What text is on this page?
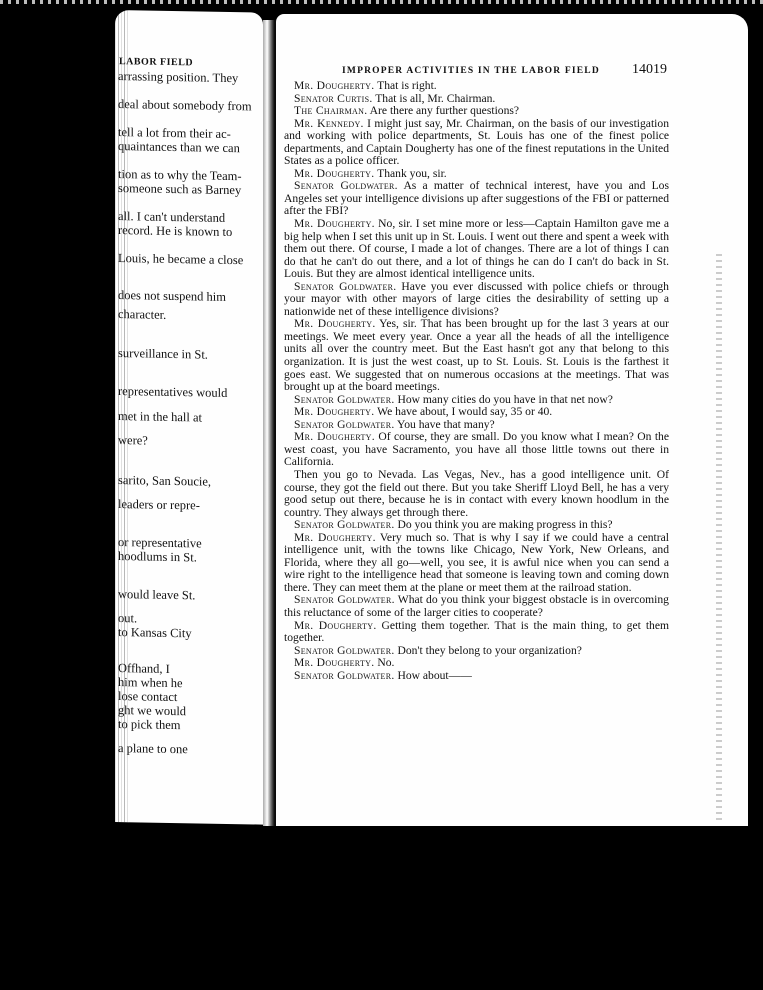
LABOR FIELD
arrassing position. They
deal about somebody from
tell a lot from their ac-
quaintances than we can
tion as to why the Team-
someone such as Barney
all. I can't understand
record. He is known to
Louis, he became a close
does not suspend him
character.
surveillance in St.
representatives would
met in the hall at
were?
sarito, San Soucie,
leaders or repre-
or representative
hoodlums in St.
would leave St.
out.
to Kansas City
Offhand, I
him when he
lose contact
ght we would
to pick them
a plane to one
IMPROPER ACTIVITIES IN THE LABOR FIELD 14019

Mr. Dougherty. That is right.

Senator Curtis. That is all, Mr. Chairman.

The Chairman. Are there any further questions?

Mr. Kennedy. I might just say, Mr. Chairman, on the basis of our investigation and working with police departments, St. Louis has one of the finest police departments, and Captain Dougherty has one of the finest reputations in the United States as a police officer.

Mr. Dougherty. Thank you, sir.

Senator Goldwater. As a matter of technical interest, have you and Los Angeles set your intelligence divisions up after suggestions of the FBI or patterned after the FBI?

Mr. Dougherty. No, sir. I set mine more or less—Captain Hamilton gave me a big help when I set this unit up in St. Louis. I went out there and spent a week with them out there. Of course, I made a lot of changes. There are a lot of things I can do that he can't do out there, and a lot of things he can do I can't do back in St. Louis. But they are almost identical intelligence units.

Senator Goldwater. Have you ever discussed with police chiefs or through your mayor with other mayors of large cities the desirability of setting up a nationwide net of these intelligence divisions?

Mr. Dougherty. Yes, sir. That has been brought up for the last 3 years at our meetings. We meet every year. Once a year all the heads of all the intelligence units all over the country meet. But the East hasn't got any that belong to this organization. It is just the west coast, up to St. Louis. St. Louis is the farthest it goes east. We suggested that on numerous occasions at the meetings. That was brought up at the board meetings.

Senator Goldwater. How many cities do you have in that net now?

Mr. Dougherty. We have about, I would say, 35 or 40.

Senator Goldwater. You have that many?

Mr. Dougherty. Of course, they are small. Do you know what I mean? On the west coast, you have Sacramento, you have all those little towns out there in California.

Then you go to Nevada. Las Vegas, Nev., has a good intelligence unit. Of course, they got the field out there. But you take Sheriff Lloyd Bell, he has a very good setup out there, because he is in contact with every known hoodlum in the country. They always get through there.

Senator Goldwater. Do you think you are making progress in this?

Mr. Dougherty. Very much so. That is why I say if we could have a central intelligence unit, with the towns like Chicago, New York, New Orleans, and Florida, where they all go—well, you see, it is awful nice when you can send a wire right to the intelligence head that someone is leaving town and coming down there. They can meet them at the plane or meet them at the railroad station.

Senator Goldwater. What do you think your biggest obstacle is in overcoming this reluctance of some of the larger cities to cooperate?

Mr. Dougherty. Getting them together. That is the main thing, to get them together.

Senator Goldwater. Don't they belong to your organization?

Mr. Dougherty. No.

Senator Goldwater. How about——
